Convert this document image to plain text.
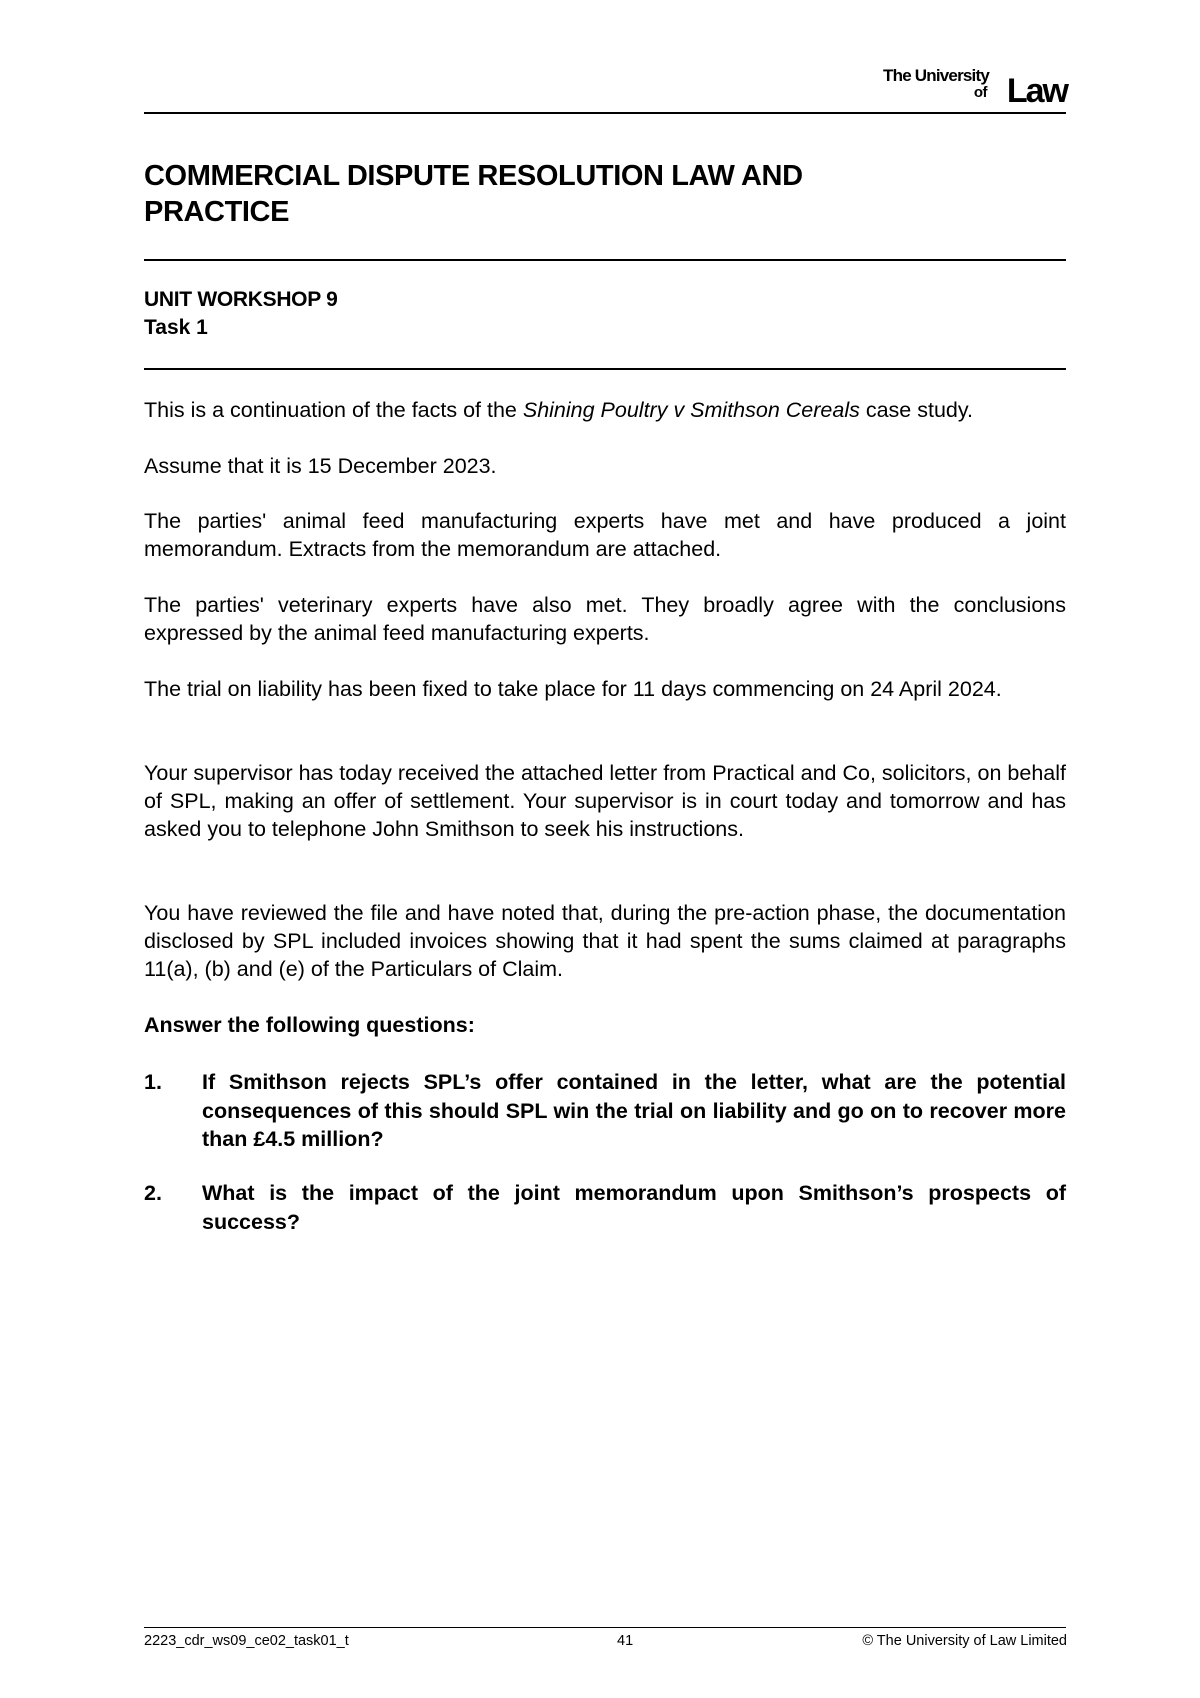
The University
of Law
COMMERCIAL DISPUTE RESOLUTION LAW AND PRACTICE
UNIT WORKSHOP 9
Task 1

This is a continuation of the facts of the Shining Poultry v Smithson Cereals case study.

Assume that it is 15 December 2023.

The parties' animal feed manufacturing experts have met and have produced a joint memorandum. Extracts from the memorandum are attached.

The parties' veterinary experts have also met. They broadly agree with the conclusions expressed by the animal feed manufacturing experts.

The trial on liability has been fixed to take place for 11 days commencing on 24 April 2024.

Your supervisor has today received the attached letter from Practical and Co, solicitors, on behalf of SPL, making an offer of settlement. Your supervisor is in court today and tomorrow and has asked you to telephone John Smithson to seek his instructions.

You have reviewed the file and have noted that, during the pre-action phase, the documentation disclosed by SPL included invoices showing that it had spent the sums claimed at paragraphs 11(a), (b) and (e) of the Particulars of Claim.

Answer the following questions:
1. If Smithson rejects SPL’s offer contained in the letter, what are the potential consequences of this should SPL win the trial on liability and go on to recover more than £4.5 million?
2. What is the impact of the joint memorandum upon Smithson’s prospects of success?
2223_cdr_ws09_ce02_task01_t	41	© The University of Law Limited
